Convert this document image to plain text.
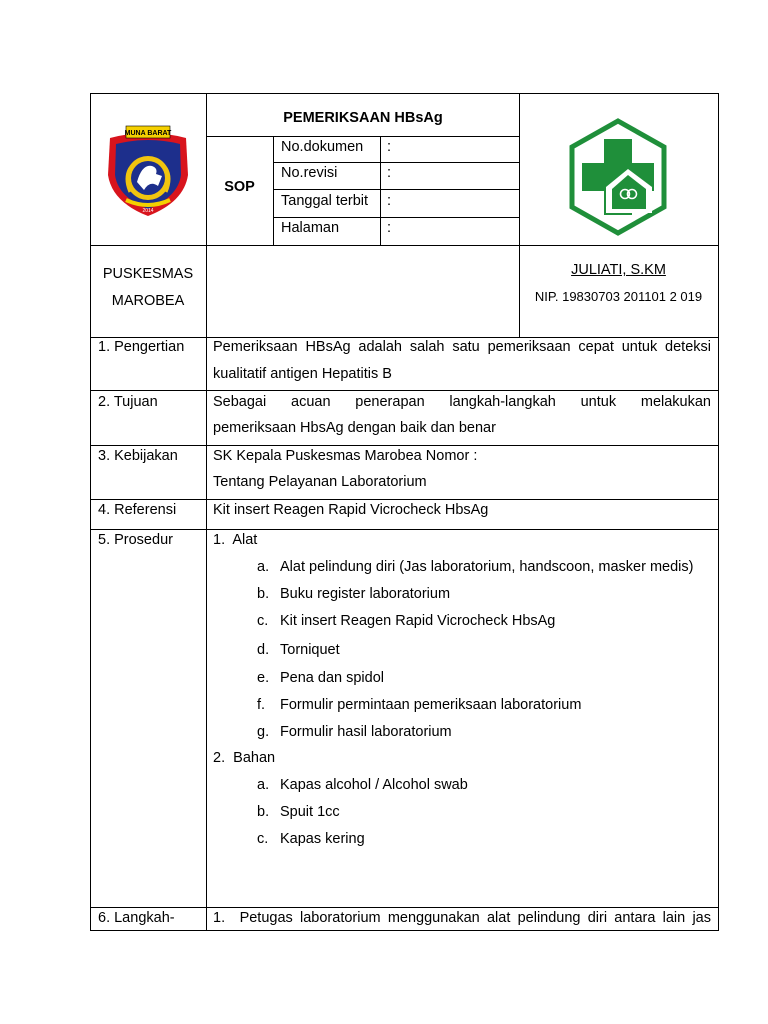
MUNA BARAT
2014
PEMERIKSAAN HBsAg
SOP
No.dokumen :
No.revisi	:
Tanggal terbit :
Halaman	:
PUSKESMAS
MAROBEA
JULIATI, S.KM
NIP. 19830703 201101 2 019
1. Pengertian Pemeriksaan HBsAg adalah salah satu pemeriksaan cepat untuk deteksi
kualitatif antigen Hepatitis B
2. Tujuan	Sebagai acuan penerapan langkah-langkah untuk melakukan
pemeriksaan HbsAg dengan baik dan benar
3. Kebijakan SK Kepala Puskesmas Marobea Nomor :
Tentang Pelayanan Laboratorium
4. Referensi	Kit insert Reagen Rapid Vicrocheck HbsAg
5. Prosedur	1.  Alat
a. Alat pelindung diri (Jas laboratorium, handscoon, masker medis)
b. Buku register laboratorium
c. Kit insert Reagen Rapid Vicrocheck HbsAg
d. Torniquet
e. Pena dan spidol
f. Formulir permintaan pemeriksaan laboratorium
g. Formulir hasil laboratorium
2.  Bahan
a. Kapas alcohol / Alcohol swab
b. Spuit 1cc
c. Kapas kering
6. Langkah-	1.  Petugas laboratorium menggunakan alat pelindung diri antara lain jas
